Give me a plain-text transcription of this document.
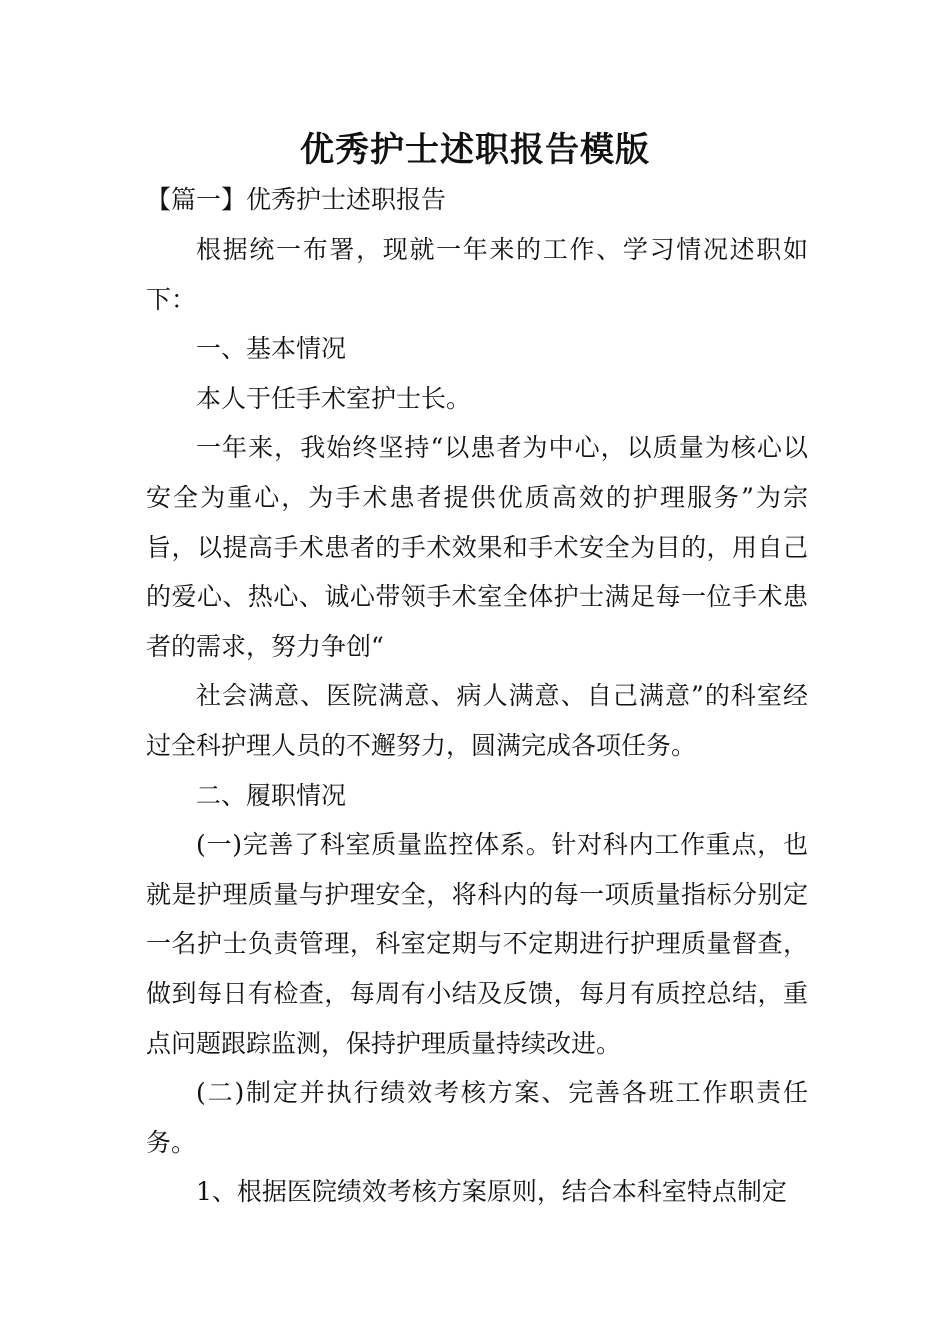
优秀护士述职报告模版
【篇一】优秀护士述职报告

根据统一布署，现就一年来的工作、学习情况述职如下：

一、基本情况

本人于任手术室护士长。

一年来，我始终坚持“以患者为中心，以质量为核心以安全为重心，为手术患者提供优质高效的护理服务”为宗旨，以提高手术患者的手术效果和手术安全为目的，用自己的爱心、热心、诚心带领手术室全体护士满足每一位手术患者的需求，努力争创“

社会满意、医院满意、病人满意、自己满意”的科室经过全科护理人员的不邂努力，圆满完成各项任务。

二、履职情况

(一)完善了科室质量监控体系。针对科内工作重点，也就是护理质量与护理安全，将科内的每一项质量指标分别定一名护士负责管理，科室定期与不定期进行护理质量督查，做到每日有检查，每周有小结及反馈，每月有质控总结，重点问题跟踪监测，保持护理质量持续改进。

(二)制定并执行绩效考核方案、完善各班工作职责任务。

1、根据医院绩效考核方案原则，结合本科室特点制定
